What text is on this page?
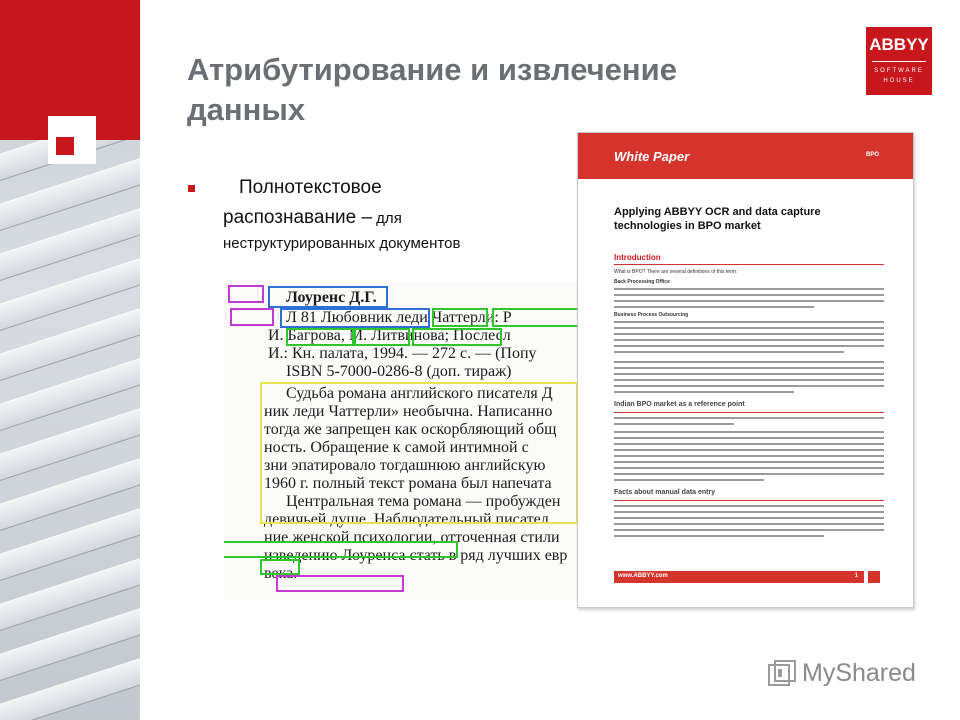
Атрибутирование и извлечение
данных
ABBYY
SOFTWARE
HOUSE
Полнотекстовое
распознавание – для
неструктурированных документов
Лоуренс Д.Г.
Л 81 Любовник леди Чаттерли: Р
И. Багрова, М. Литвинова; Послесл
И.: Кн. палата, 1994. — 272 с. — (Попу
ISBN 5-7000-0286-8 (доп. тираж)
Судьба романа английского писателя Д
ник леди Чаттерли» необычна. Написанно
тогда же запрещен как оскорбляющий общ
ность. Обращение к самой интимной с
зни эпатировало тогдашнюю английскую
1960 г. полный текст романа был напечата
Центральная тема романа — пробужден
девичьей душе. Наблюдательный писател
ние женской психологии, отточенная стили
изведению Лоуренса стать в ряд лучших евр
века.
White Paper	BPO
Applying ABBYY OCR and data capture technologies in BPO market
Introduction
What is BPO? There are several definitions of this term:
Back Processing Office
Business Process Outsourcing
Indian BPO market as a reference point
Facts about manual data entry
www.ABBYY.com	1
MyShared
